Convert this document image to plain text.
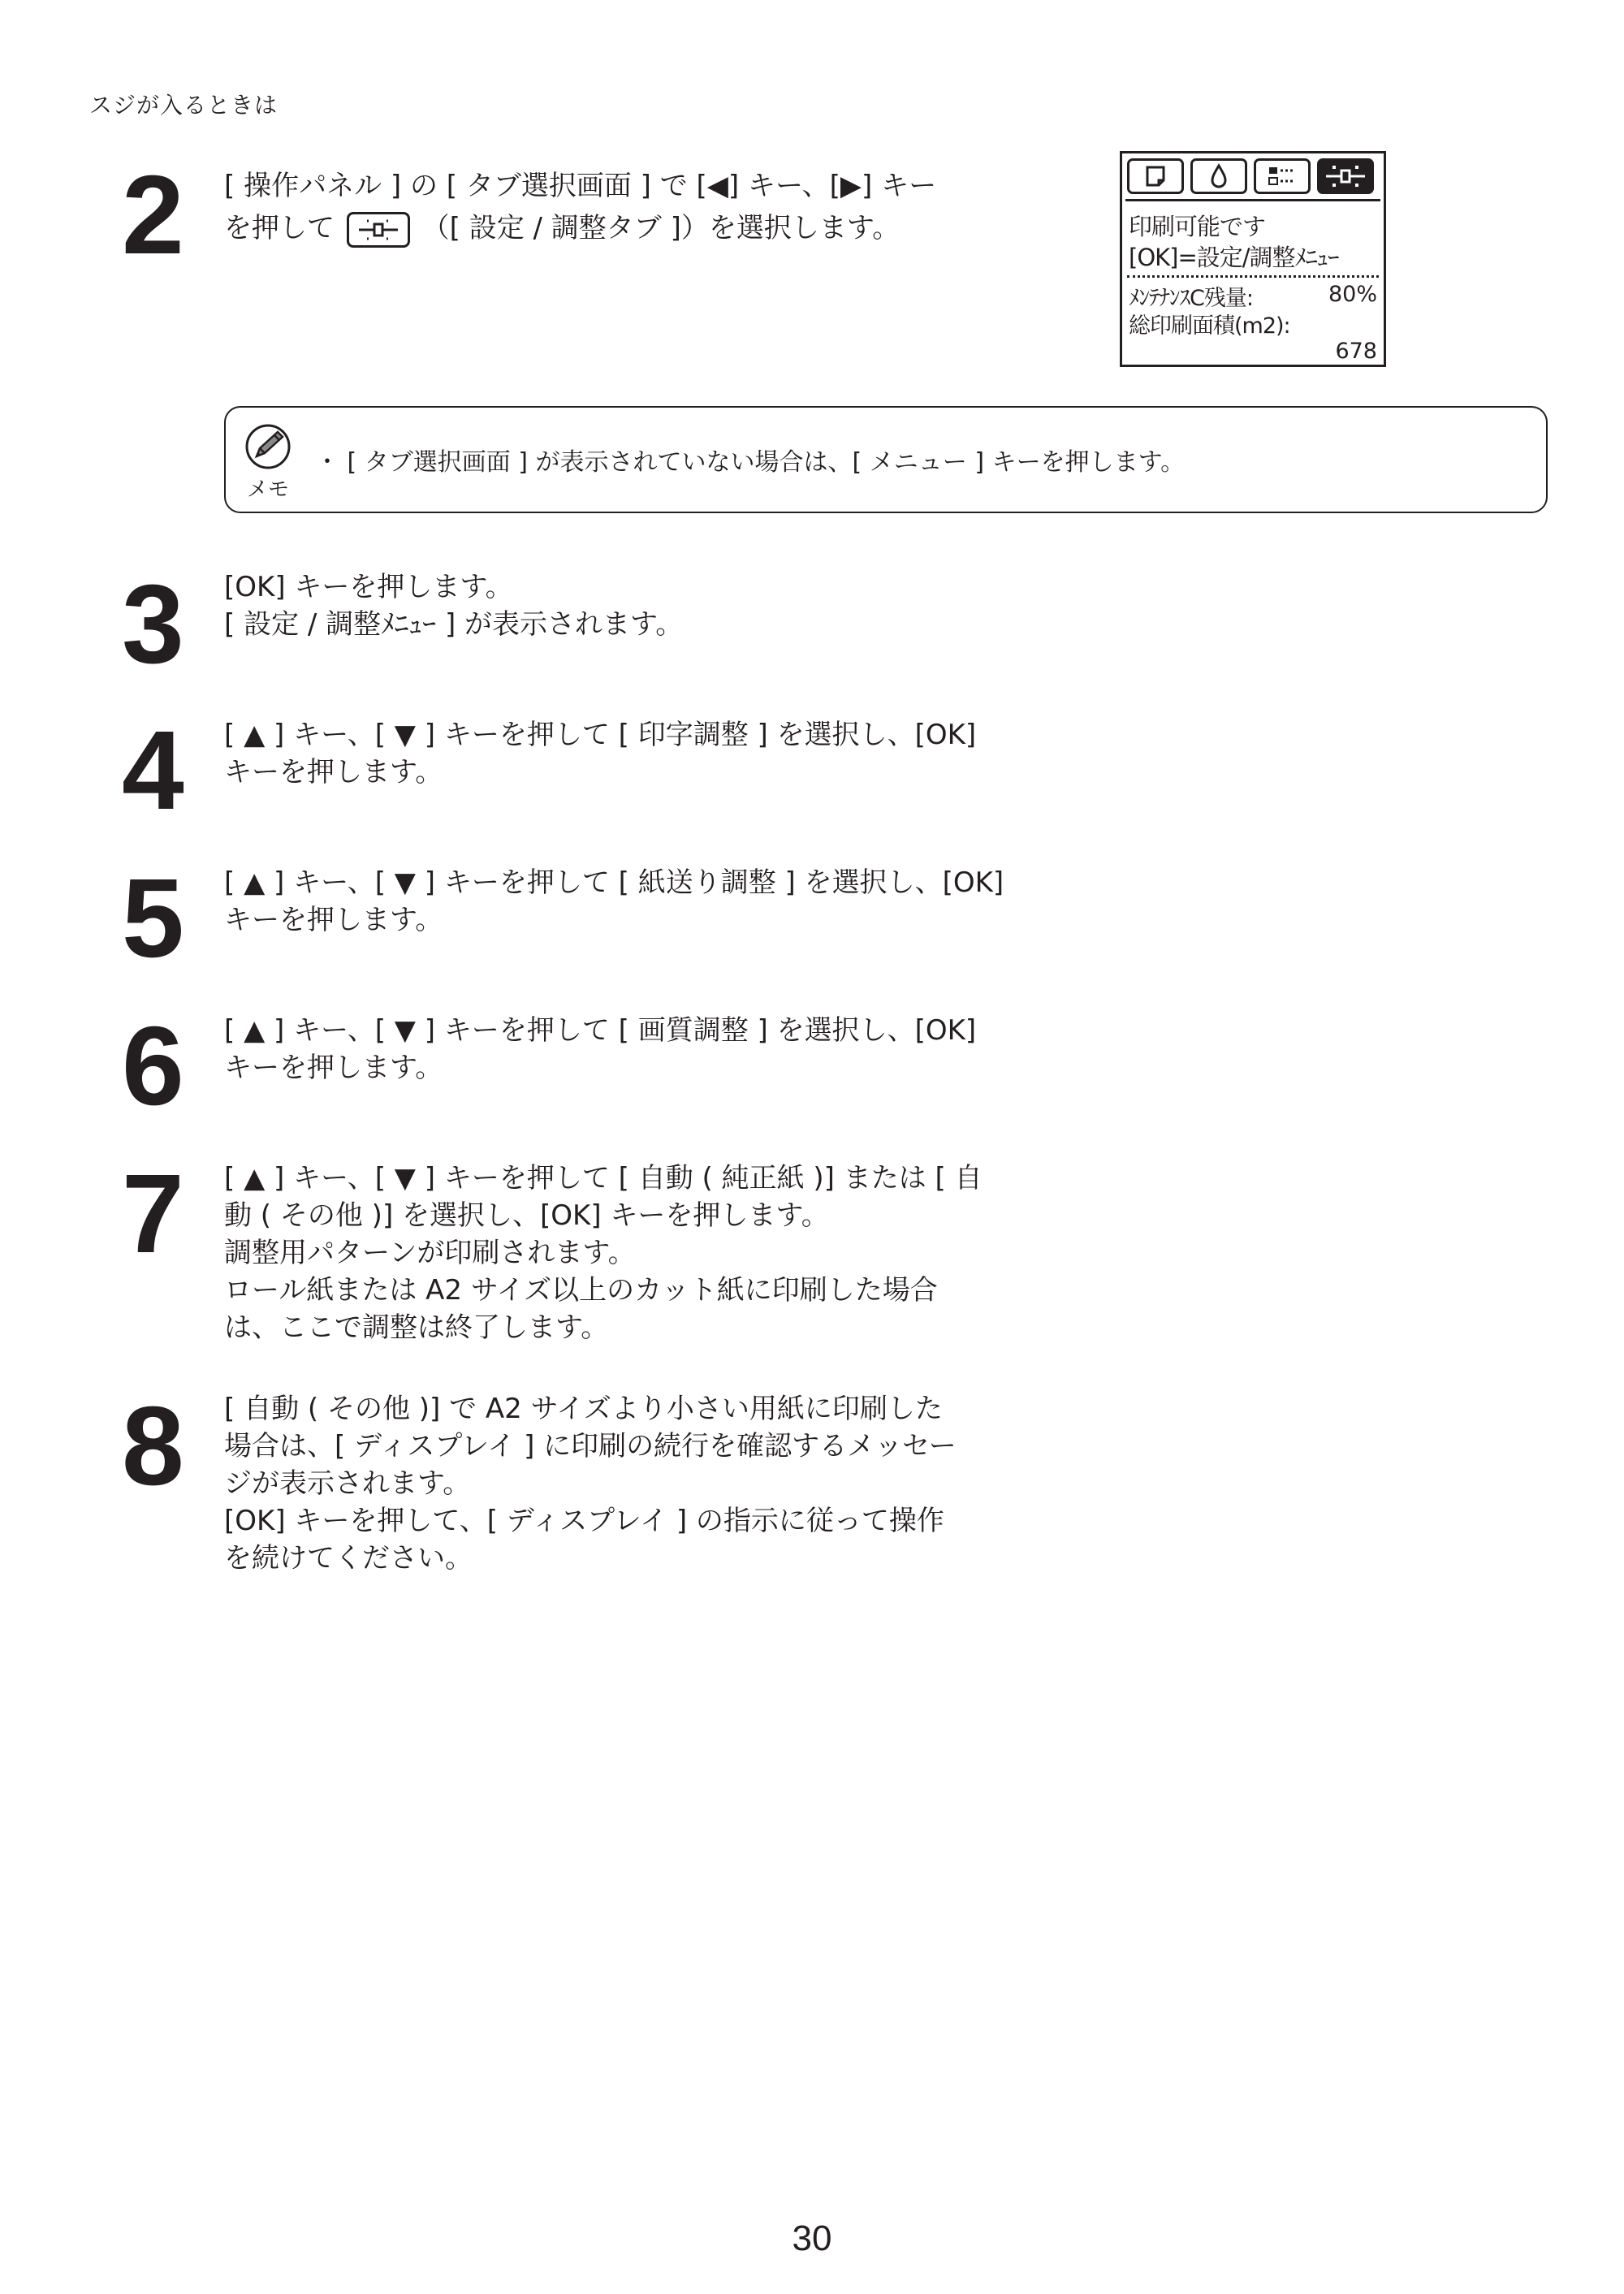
スジが入るときは
2 [ 操作パネル ] の [ タブ選択画面 ] で [◀] キー、[▶] キー
を押して	（[ 設定 / 調整タブ ]）を選択します。	印刷可能です
[OK]=設定/調整ﾒﾆｭｰ
ﾒﾝﾃﾅﾝｽC残量:	80%
総印刷面積(m2):
678
メモ
・ [ タブ選択画面 ] が表示されていない場合は、[ メニュー ] キーを押します。
3 [OK] キーを押します。
[ 設定 / 調整ﾒﾆｭｰ ] が表示されます。
4 [ ▲ ] キー、[ ▼ ] キーを押して [ 印字調整 ] を選択し、[OK]
キーを押します。
5 [ ▲ ] キー、[ ▼ ] キーを押して [ 紙送り調整 ] を選択し、[OK]
キーを押します。
6 [ ▲ ] キー、[ ▼ ] キーを押して [ 画質調整 ] を選択し、[OK]
キーを押します。
7 [ ▲ ] キー、[ ▼ ] キーを押して [ 自動 ( 純正紙 )] または [ 自
動 ( その他 )] を選択し、[OK] キーを押します。
調整用パターンが印刷されます。
ロール紙または A2 サイズ以上のカット紙に印刷した場合
は、ここで調整は終了します。
8 [ 自動 ( その他 )] で A2 サイズより小さい用紙に印刷した
場合は、[ ディスプレイ ] に印刷の続行を確認するメッセー
ジが表示されます。
[OK] キーを押して、[ ディスプレイ ] の指示に従って操作
を続けてください。
30
